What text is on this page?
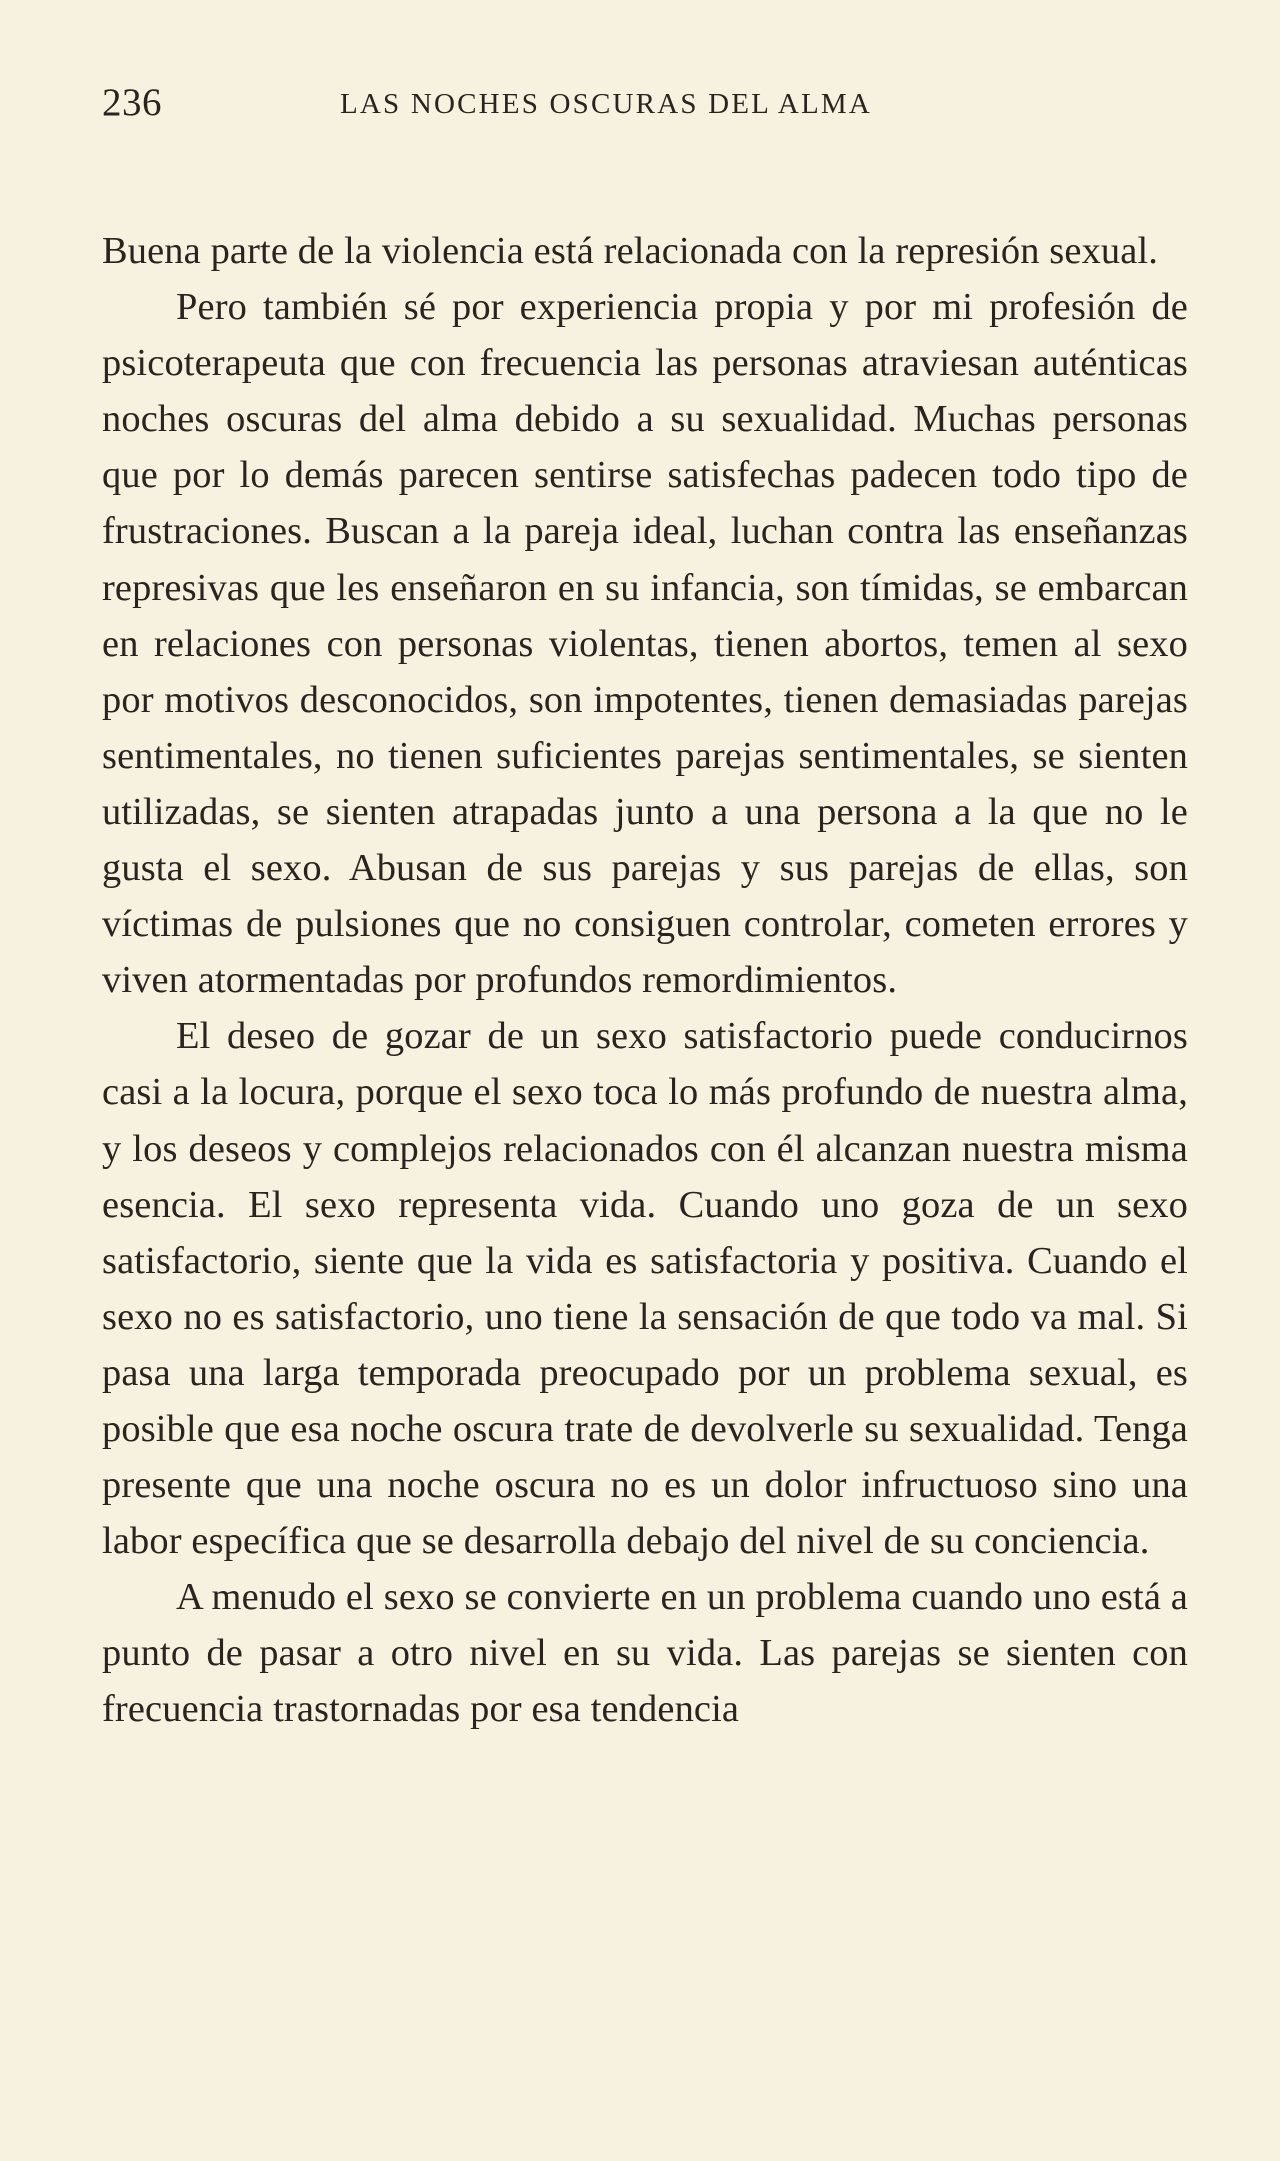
236	LAS NOCHES OSCURAS DEL ALMA

Buena parte de la violencia está relacionada con la represión sexual.

Pero también sé por experiencia propia y por mi profesión de psicoterapeuta que con frecuencia las personas atraviesan auténticas noches oscuras del alma debido a su sexualidad. Muchas personas que por lo demás parecen sentirse satisfechas padecen todo tipo de frustraciones. Buscan a la pareja ideal, luchan contra las enseñanzas represivas que les enseñaron en su infancia, son tímidas, se embarcan en relaciones con personas violentas, tienen abortos, temen al sexo por motivos desconocidos, son impotentes, tienen demasiadas parejas sentimentales, no tienen suficientes parejas sentimentales, se sienten utilizadas, se sienten atrapadas junto a una persona a la que no le gusta el sexo. Abusan de sus parejas y sus parejas de ellas, son víctimas de pulsiones que no consiguen controlar, cometen errores y viven atormentadas por profundos remordimientos.

El deseo de gozar de un sexo satisfactorio puede conducirnos casi a la locura, porque el sexo toca lo más profundo de nuestra alma, y los deseos y complejos relacionados con él alcanzan nuestra misma esencia. El sexo representa vida. Cuando uno goza de un sexo satisfactorio, siente que la vida es satisfactoria y positiva. Cuando el sexo no es satisfactorio, uno tiene la sensación de que todo va mal. Si pasa una larga temporada preocupado por un problema sexual, es posible que esa noche oscura trate de devolverle su sexualidad. Tenga presente que una noche oscura no es un dolor infructuoso sino una labor específica que se desarrolla debajo del nivel de su conciencia.

A menudo el sexo se convierte en un problema cuando uno está a punto de pasar a otro nivel en su vida. Las parejas se sienten con frecuencia trastornadas por esa tendencia
